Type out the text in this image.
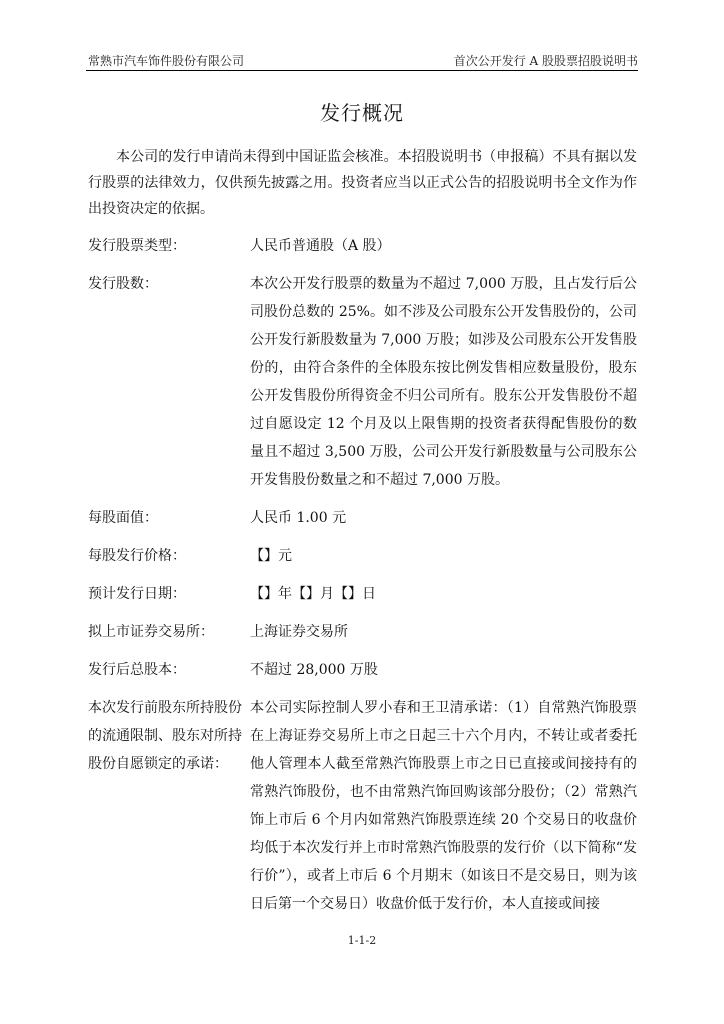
常熟市汽车饰件股份有限公司	首次公开发行 A 股股票招股说明书
发行概况
本公司的发行申请尚未得到中国证监会核准。本招股说明书（申报稿）不具有据以发行股票的法律效力，仅供预先披露之用。投资者应当以正式公告的招股说明书全文作为作出投资决定的依据。
发行股票类型：	人民币普通股（A 股）
发行股数：	本次公开发行股票的数量为不超过 7,000 万股，且占发行后公司股份总数的 25%。如不涉及公司股东公开发售股份的，公司公开发行新股数量为 7,000 万股；如涉及公司股东公开发售股份的，由符合条件的全体股东按比例发售相应数量股份，股东公开发售股份所得资金不归公司所有。股东公开发售股份不超过自愿设定 12 个月及以上限售期的投资者获得配售股份的数量且不超过 3,500 万股，公司公开发行新股数量与公司股东公开发售股份数量之和不超过 7,000 万股。
每股面值：	人民币 1.00 元
每股发行价格：	【】元
预计发行日期：	【】年【】月【】日
拟上市证券交易所：	上海证券交易所
发行后总股本：	不超过 28,000 万股
本次发行前股东所持股份的流通限制、股东对所持股份自愿锁定的承诺：
本公司实际控制人罗小春和王卫清承诺：（1）自常熟汽饰股票在上海证券交易所上市之日起三十六个月内，不转让或者委托他人管理本人截至常熟汽饰股票上市之日已直接或间接持有的常熟汽饰股份，也不由常熟汽饰回购该部分股份；（2）常熟汽饰上市后 6 个月内如常熟汽饰股票连续 20 个交易日的收盘价均低于本次发行并上市时常熟汽饰股票的发行价（以下简称“发行价”），或者上市后 6 个月期末（如该日不是交易日，则为该日后第一个交易日）收盘价低于发行价，本人直接或间接
1-1-2
